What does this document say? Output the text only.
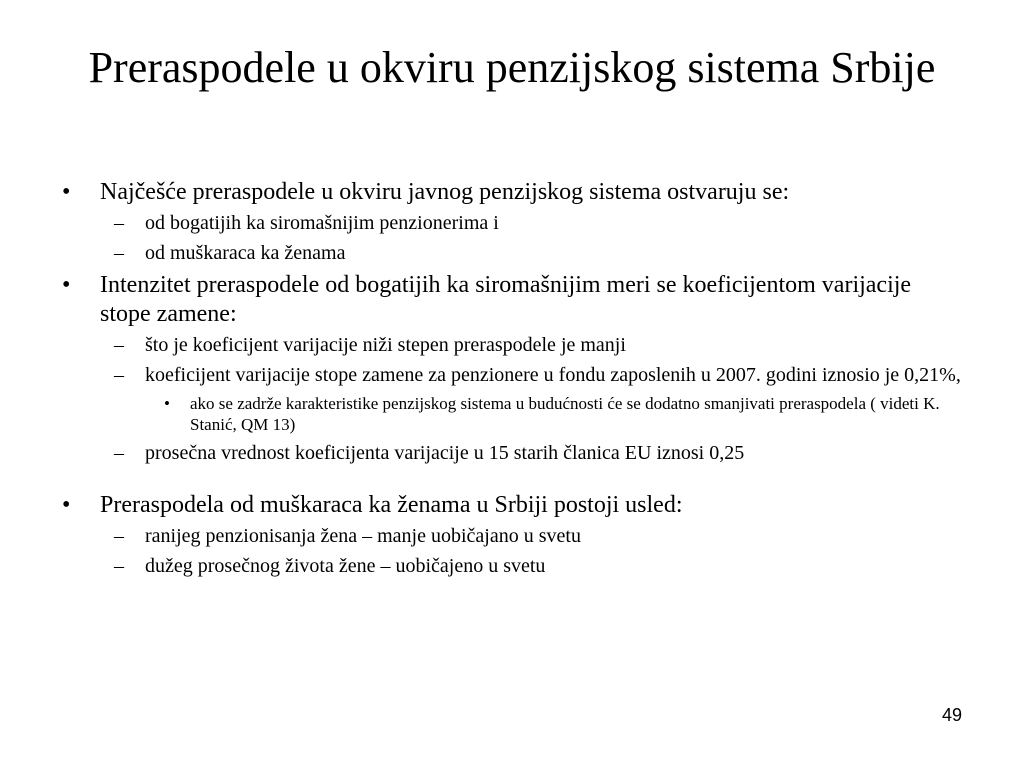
Preraspodele u okviru penzijskog sistema Srbije
• Najčešće preraspodele u okviru javnog penzijskog sistema ostvaruju se:
– od bogatijih ka siromašnijim penzionerima i
– od muškaraca ka ženama
• Intenzitet preraspodele od bogatijih ka siromašnijim meri se koeficijentom varijacije stope zamene:
– što je koeficijent varijacije niži stepen preraspodele je manji
– koeficijent varijacije stope zamene za penzionere u fondu zaposlenih u 2007. godini iznosio je 0,21%,
• ako se zadrže karakteristike penzijskog sistema u budućnosti će se dodatno smanjivati preraspodela ( videti K. Stanić, QM 13)
– prosečna vrednost koeficijenta varijacije u 15 starih članica EU iznosi 0,25
• Preraspodela od muškaraca ka ženama u Srbiji postoji usled:
– ranijeg penzionisanja žena – manje uobičajano u svetu
– dužeg prosečnog života žene – uobičajeno u svetu
49
